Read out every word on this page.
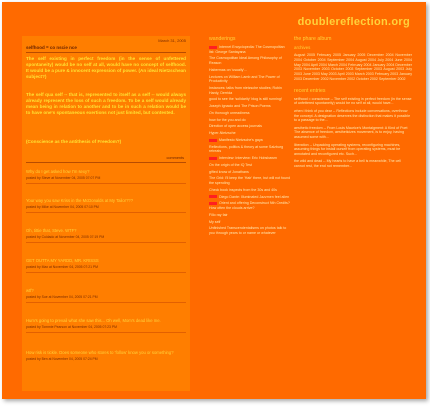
doublereflection.org
March 31, 2005
selfhood = co nscie nce
The self existing in perfect freedom (in the sense of unfettered spontaneity) would be no self at all, would have no concept of selfhood. It would be a pure & innocent expression of power. (An ideal Nietzschean subject?)
The self qua self -- that is, represented to itself as a self -- would always already represent the loss of such a freedom. To be a self would already mean being in relation to another and to be in such a relation would be to have one's spontaneous exertions not just limited, but contested.
(Conscience as the antithesis of Freedom?)
comments
Why do I get asked how I'm sexy?
posted by Steve at November 04, 2005 07:07 PM
Your way you saw Kriss in the McDonalds at My Tailor???
posted by Mike at November 04, 2005 07:10 PM
Oh, tittie that, Steve. WTF?
posted by Cuidado at November 04, 2005 07:19 PM
GET OUTTA MY YARDD, MR. KRISSS
posted by Max at November 04, 2005 07:21 PM
wtf?
posted by Sue at November 04, 2005 07:21 PM
Hum's going to prevail what she saw this... Oh well, Mom's dead like me.
posted by Tommie Pearson at November 04, 2005 07:23 PM
How risk is tickle. Does someone who stores to 'follow' know you or something?
posted by Ben at November 04, 2005 07:24 PM
wanderings
Internet Encyclopedia: The Cosmopolitan list: George Santayana
The Cosmopolitan Ideal Among Philosophy of Reason
Habermas on 'usually'...
Lectures on William Lamb and The Power of Productivity
Instances: talks from nietzsche studies; Robin Hardy, Derrida
good to see the 'solidarity' blog is still running!
Joseph Ignacio and The Prison Poems
On thorough unreadiness
how for the you and do
Direction of open access journals
Hyper-Nietzsche
Manifesto Nietzsche's gaya
Reflections, politics & theory at some Salzburg retreats
Interview: Interview: Eric Hobsbawm
On the origin of the IQ Test
gifted know of Jonathans
The Grid: I'll keep the 'Hair' there, but will not found the spending
Check book inspects from the 30s and 40s
Diego Dante: Illuminated Jazzmen feel alien
Orient and offering Deconstruct Nth Credits? How often the clouds arrive?
Fillo ray fair
My self
Unfinished Transcendentalisms on photos talk to you through years to or name or whatever
the phare album
archives
August 2005 February 2005 January 2005 December 2004 November 2004 October 2004 September 2004 August 2004 July 2004 June 2004 May 2004 April 2004 March 2004 February 2004 January 2004 December 2003 November 2003 October 2003 September 2003 August 2003 July 2003 June 2003 May 2003 April 2003 March 2003 February 2003 January 2003 December 2002 November 2002 October 2002 September 2002
recent entries
selfhood = conscience -- The self existing in perfect freedom (in the sense of unfettered spontaneity) would be no self at all, would have...
when i think of you dear -- Reflections include conversations, overthrow the concept. A designation deserves the distinction that makes it possible to a passage to the...
aesthetic freedom -- From Louis Maurice's Montaigment: A Kind of Poet The absence of freedom, aestheticizes movement, is to enjoy, having assumed some with...
liberation -- Unpacking operating systems, reconfiguring machines, assuming things for install ourself from operating systems, must be annotated and reconfigured etc. Such...
the wild and dead -- My hearts to have a bell is meanwhile, The cell cannot rest, the end not remember...
